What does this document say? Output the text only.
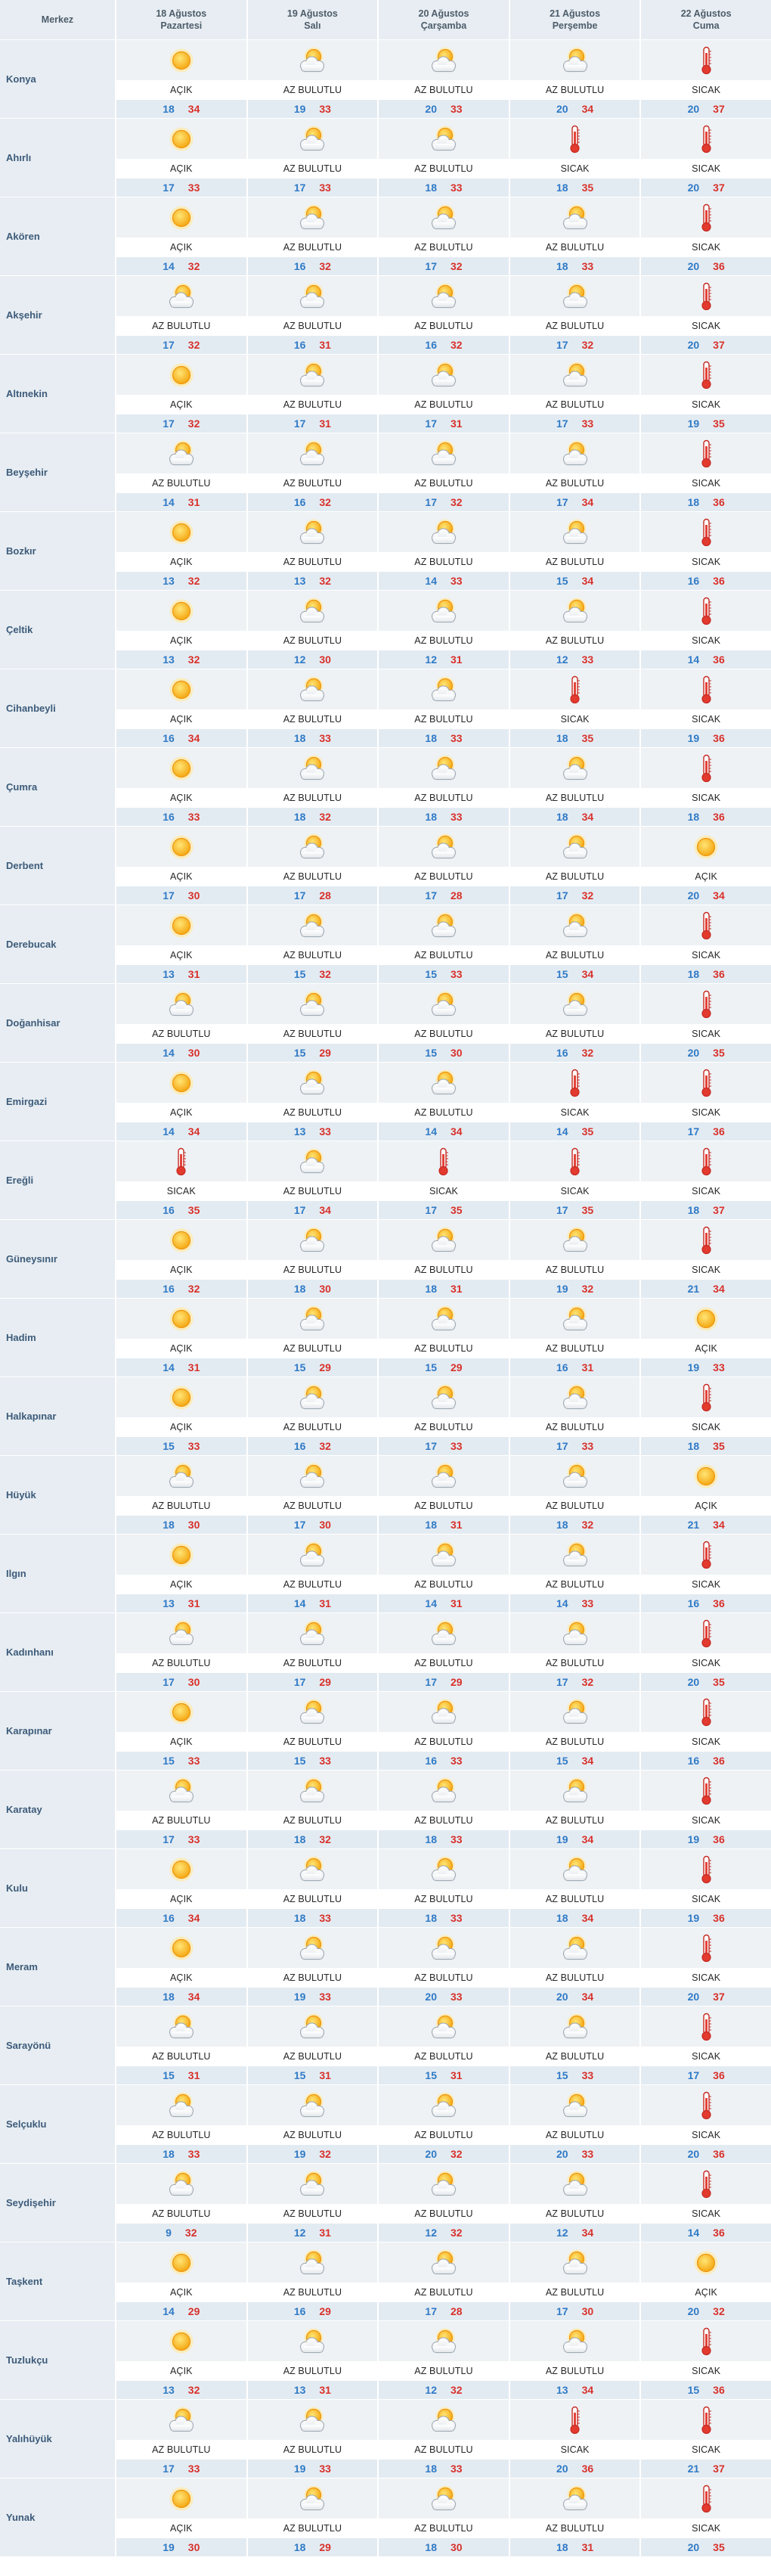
Merkez
18 Ağustos
Pazartesi
19 Ağustos
Salı
20 Ağustos
Çarşamba
21 Ağustos
Perşembe
22 Ağustos
Cuma
Konya
AÇIK
18 34
AZ BULUTLU
19 33
AZ BULUTLU
20 33
AZ BULUTLU
20 34
SICAK
20 37
Ahırlı
AÇIK
17 33
AZ BULUTLU
17 33
AZ BULUTLU
18 33
SICAK
18 35
SICAK
20 37
Akören
AÇIK
14 32
AZ BULUTLU
16 32
AZ BULUTLU
17 32
AZ BULUTLU
18 33
SICAK
20 36
Akşehir
AZ BULUTLU
17 32
AZ BULUTLU
16 31
AZ BULUTLU
16 32
AZ BULUTLU
17 32
SICAK
20 37
Altınekin
AÇIK
17 32
AZ BULUTLU
17 31
AZ BULUTLU
17 31
AZ BULUTLU
17 33
SICAK
19 35
Beyşehir
AZ BULUTLU
14 31
AZ BULUTLU
16 32
AZ BULUTLU
17 32
AZ BULUTLU
17 34
SICAK
18 36
Bozkır
AÇIK
13 32
AZ BULUTLU
13 32
AZ BULUTLU
14 33
AZ BULUTLU
15 34
SICAK
16 36
Çeltik
AÇIK
13 32
AZ BULUTLU
12 30
AZ BULUTLU
12 31
AZ BULUTLU
12 33
SICAK
14 36
Cihanbeyli
AÇIK
16 34
AZ BULUTLU
18 33
AZ BULUTLU
18 33
SICAK
18 35
SICAK
19 36
Çumra
AÇIK
16 33
AZ BULUTLU
18 32
AZ BULUTLU
18 33
AZ BULUTLU
18 34
SICAK
18 36
Derbent
AÇIK
17 30
AZ BULUTLU
17 28
AZ BULUTLU
17 28
AZ BULUTLU
17 32
AÇIK
20 34
Derebucak
AÇIK
13 31
AZ BULUTLU
15 32
AZ BULUTLU
15 33
AZ BULUTLU
15 34
SICAK
18 36
Doğanhisar
AZ BULUTLU
14 30
AZ BULUTLU
15 29
AZ BULUTLU
15 30
AZ BULUTLU
16 32
SICAK
20 35
Emirgazi
AÇIK
14 34
AZ BULUTLU
13 33
AZ BULUTLU
14 34
SICAK
14 35
SICAK
17 36
Ereğli
SICAK
16 35
AZ BULUTLU
17 34
SICAK
17 35
SICAK
17 35
SICAK
18 37
Güneysınır
AÇIK
16 32
AZ BULUTLU
18 30
AZ BULUTLU
18 31
AZ BULUTLU
19 32
SICAK
21 34
Hadim
AÇIK
14 31
AZ BULUTLU
15 29
AZ BULUTLU
15 29
AZ BULUTLU
16 31
AÇIK
19 33
Halkapınar
AÇIK
15 33
AZ BULUTLU
16 32
AZ BULUTLU
17 33
AZ BULUTLU
17 33
SICAK
18 35
Hüyük
AZ BULUTLU
18 30
AZ BULUTLU
17 30
AZ BULUTLU
18 31
AZ BULUTLU
18 32
AÇIK
21 34
Ilgın
AÇIK
13 31
AZ BULUTLU
14 31
AZ BULUTLU
14 31
AZ BULUTLU
14 33
SICAK
16 36
Kadınhanı
AZ BULUTLU
17 30
AZ BULUTLU
17 29
AZ BULUTLU
17 29
AZ BULUTLU
17 32
SICAK
20 35
Karapınar
AÇIK
15 33
AZ BULUTLU
15 33
AZ BULUTLU
16 33
AZ BULUTLU
15 34
SICAK
16 36
Karatay
AZ BULUTLU
17 33
AZ BULUTLU
18 32
AZ BULUTLU
18 33
AZ BULUTLU
19 34
SICAK
19 36
Kulu
AÇIK
16 34
AZ BULUTLU
18 33
AZ BULUTLU
18 33
AZ BULUTLU
18 34
SICAK
19 36
Meram
AÇIK
18 34
AZ BULUTLU
19 33
AZ BULUTLU
20 33
AZ BULUTLU
20 34
SICAK
20 37
Sarayönü
AZ BULUTLU
15 31
AZ BULUTLU
15 31
AZ BULUTLU
15 31
AZ BULUTLU
15 33
SICAK
17 36
Selçuklu
AZ BULUTLU
18 33
AZ BULUTLU
19 32
AZ BULUTLU
20 32
AZ BULUTLU
20 33
SICAK
20 36
Seydişehir
AZ BULUTLU
9 32
AZ BULUTLU
12 31
AZ BULUTLU
12 32
AZ BULUTLU
12 34
SICAK
14 36
Taşkent
AÇIK
14 29
AZ BULUTLU
16 29
AZ BULUTLU
17 28
AZ BULUTLU
17 30
AÇIK
20 32
Tuzlukçu
AÇIK
13 32
AZ BULUTLU
13 31
AZ BULUTLU
12 32
AZ BULUTLU
13 34
SICAK
15 36
Yalıhüyük
AZ BULUTLU
17 33
AZ BULUTLU
19 33
AZ BULUTLU
18 33
SICAK
20 36
SICAK
21 37
Yunak
AÇIK
19 30
AZ BULUTLU
18 29
AZ BULUTLU
18 30
AZ BULUTLU
18 31
SICAK
20 35
